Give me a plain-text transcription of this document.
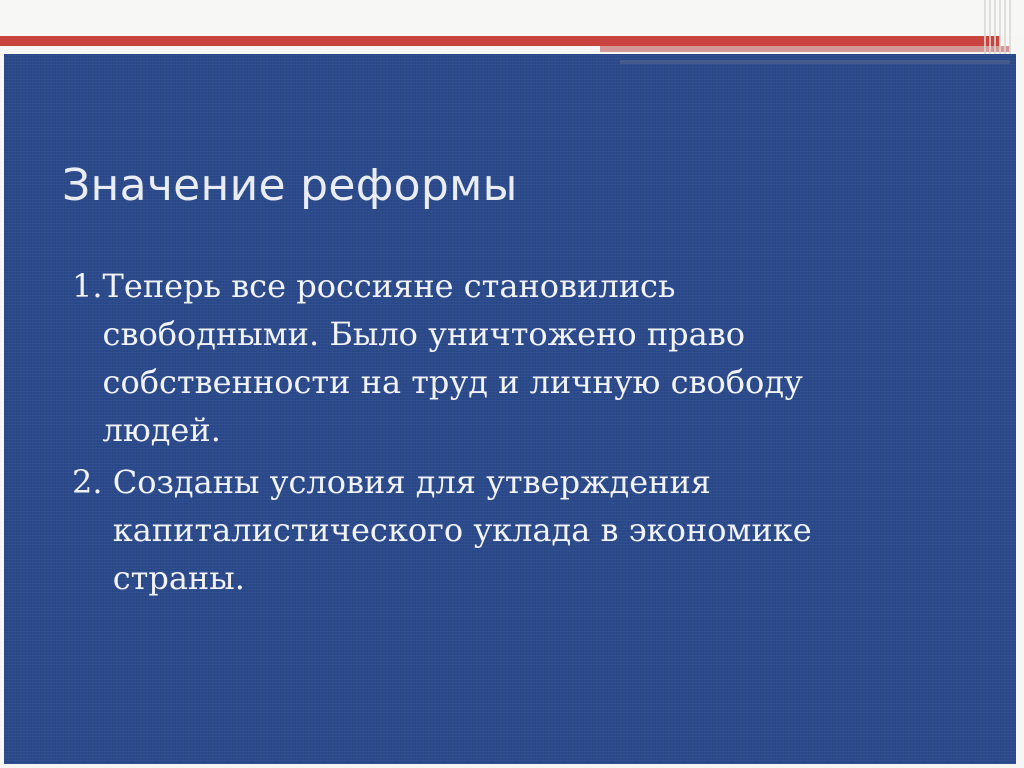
Значение реформы
1. Теперь все россияне становились свободными. Было уничтожено право собственности на труд и личную свободу людей.
2. Созданы условия для утверждения капиталистического уклада в экономике страны.
